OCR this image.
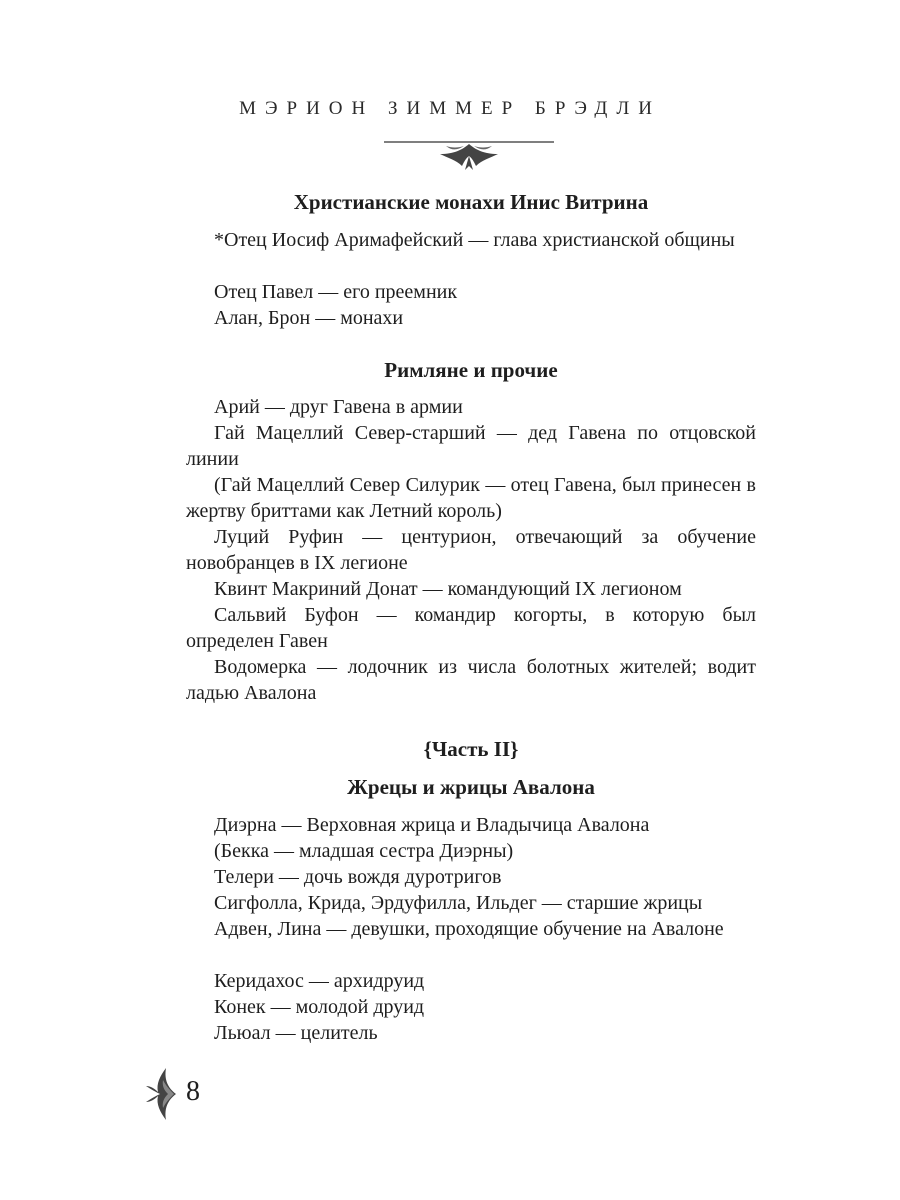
МЭРИОН ЗИММЕР БРЭДЛИ
Христианские монахи Инис Витрина

*Отец Иосиф Аримафейский — глава христианской общины

Отец Павел — его преемник

Алан, Брон — монахи

Римляне и прочие

Арий — друг Гавена в армии

Гай Мацеллий Север-старший — дед Гавена по отцовской линии

(Гай Мацеллий Север Силурик — отец Гавена, был принесен в жертву бриттами как Летний король)

Луций Руфин — центурион, отвечающий за обучение новобранцев в IX легионе

Квинт Макриний Донат — командующий IX легионом

Сальвий Буфон — командир когорты, в которую был определен Гавен

Водомерка — лодочник из числа болотных жителей; водит ладью Авалона

{Часть II}
Жрецы и жрицы Авалона

Диэрна — Верховная жрица и Владычица Авалона

(Бекка — младшая сестра Диэрны)

Телери — дочь вождя дуротригов

Сигфолла, Крида, Эрдуфилла, Ильдег — старшие жрицы

Адвен, Лина — девушки, проходящие обучение на Авалоне

Керидахос — архидруид

Конек — молодой друид

Льюал — целитель

8
